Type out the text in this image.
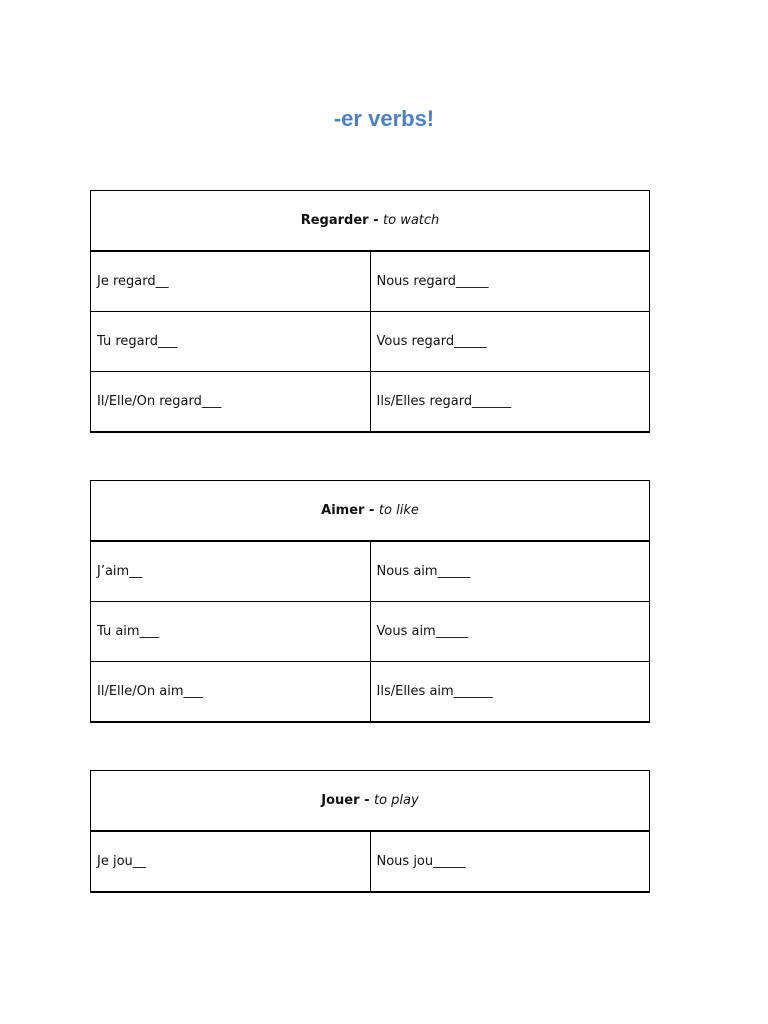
-er verbs!
Regarder - to watch	
Je regard__	Nous regard_____
Tu regard___	Vous regard_____
Il/Elle/On regard___	Ils/Elles regard______
Aimer - to like	
J’aim__	Nous aim_____
Tu aim___	Vous aim_____
Il/Elle/On aim___	Ils/Elles aim______
Jouer - to play
Je jou__	Nous jou_____
